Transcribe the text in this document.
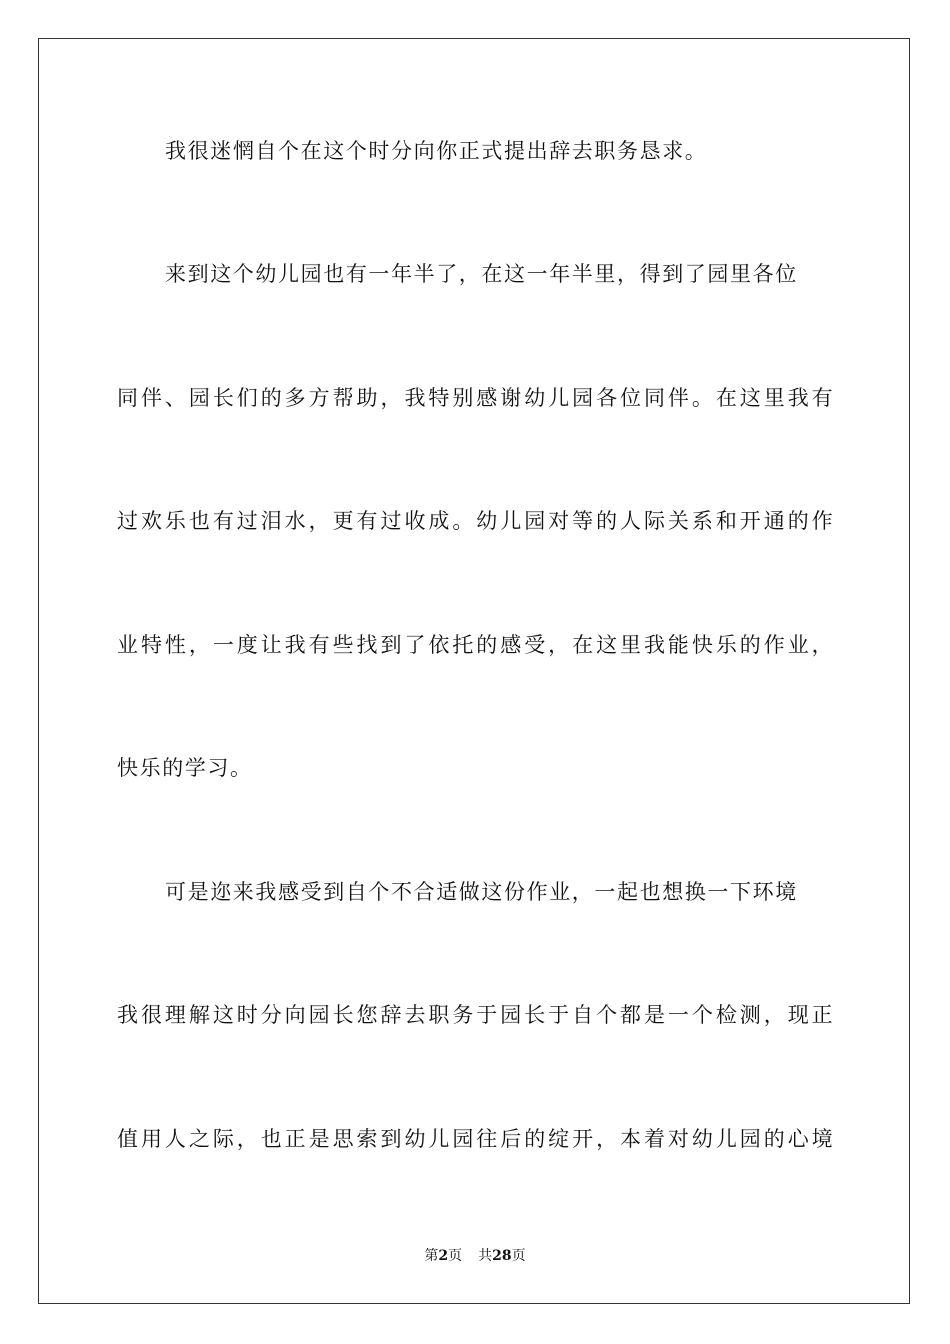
我很迷惘自个在这个时分向你正式提出辞去职务恳求。
来到这个幼儿园也有一年半了，在这一年半里，得到了园里各位
同 伴 、 园 长 们 的 多 方 帮 助 ， 我 特 别 感 谢 幼 儿 园 各 位 同 伴 。 在 这 里 我 有
过 欢 乐 也 有 过 泪 水 ， 更 有 过 收 成 。 幼 儿 园 对 等 的 人 际 关 系 和 开 通 的 作
业 特 性 ， 一 度 让 我 有 些 找 到 了 依 托 的 感 受 ， 在 这 里 我 能 快 乐 的 作 业 ，
快乐的学习。
可是迩来我感受到自个不合适做这份作业，一起也想换一下环境
我 很 理 解 这 时 分 向 园 长 您 辞 去 职 务 于 园 长 于 自 个 都 是 一 个 检 测 ， 现 正
值 用 人 之 际 ， 也 正 是 思 索 到 幼 儿 园 往 后 的 绽 开 ， 本 着 对 幼 儿 园 的 心 境
第2页 共28页
